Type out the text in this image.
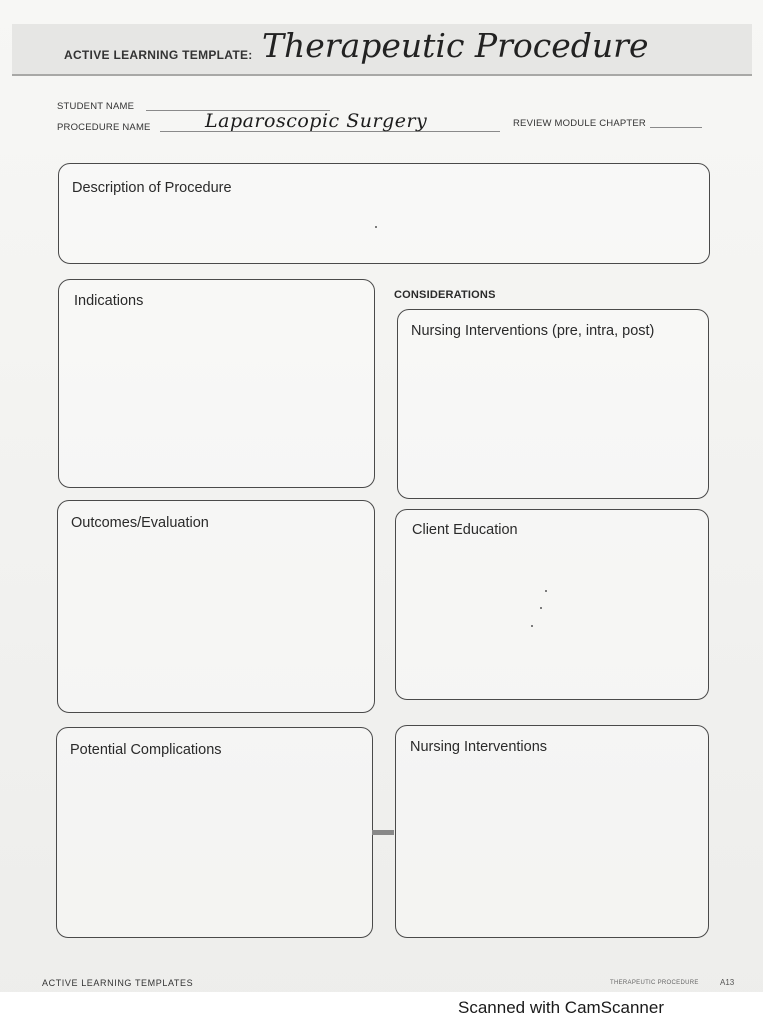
ACTIVE LEARNING TEMPLATE: Therapeutic Procedure
STUDENT NAME
PROCEDURE NAME	Laparoscopic Surgery	REVIEW MODULE CHAPTER
Description of Procedure
Indications
Outcomes/Evaluation
Potential Complications
CONSIDERATIONS
Nursing Interventions (pre, intra, post)
Client Education
Nursing Interventions
ACTIVE LEARNING TEMPLATES	THERAPEUTIC PROCEDURE	A13
Scanned with CamScanner
